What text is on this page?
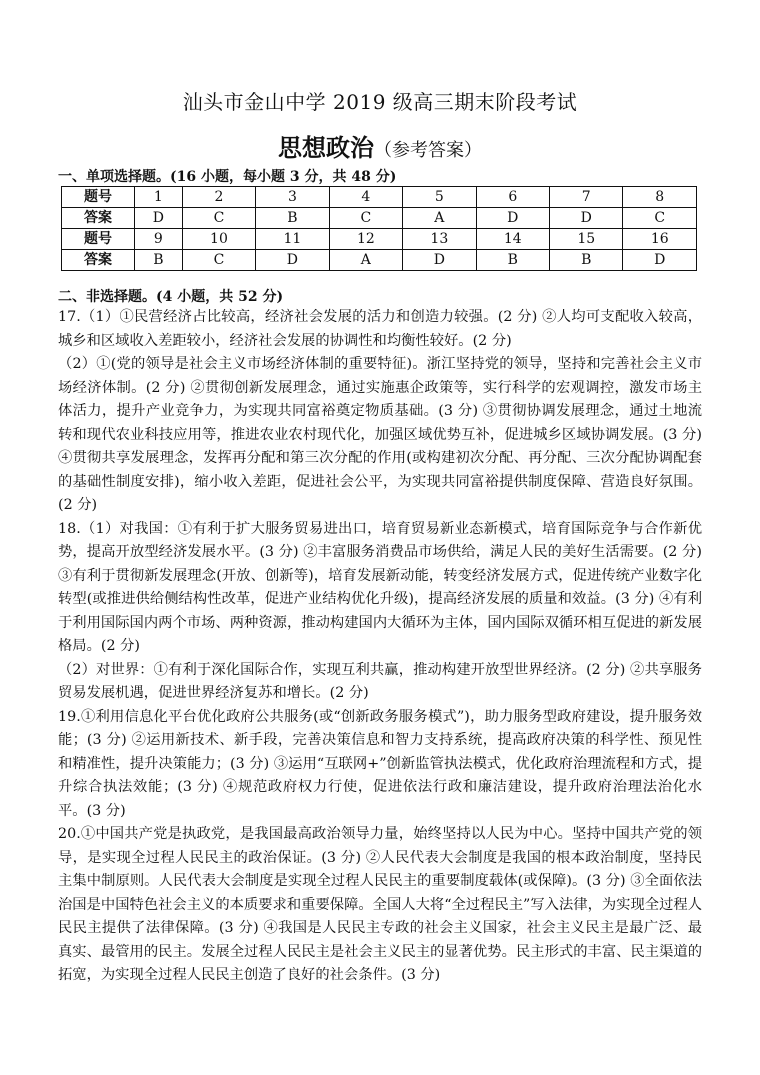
汕头市金山中学 2019 级高三期末阶段考试
思想政治（参考答案）
一、单项选择题。(16 小题，每小题 3 分，共 48 分)
题号	1	2	3	4	5	6	7	8
答案	D	C	B	C	A	D	D	C
题号	9	10	11	12	13	14	15	16
答案	B	C	D	A	D	B	B	D
二、非选择题。(4 小题，共 52 分)

17.（1）①民营经济占比较高，经济社会发展的活力和创造力较强。(2 分) ②人均可支配收入较高，城乡和区域收入差距较小，经济社会发展的协调性和均衡性较好。(2 分)

（2）①(党的领导是社会主义市场经济体制的重要特征)。浙江坚持党的领导，坚持和完善社会主义市场经济体制。(2 分) ②贯彻创新发展理念，通过实施惠企政策等，实行科学的宏观调控，激发市场主体活力，提升产业竞争力，为实现共同富裕奠定物质基础。(3 分) ③贯彻协调发展理念，通过土地流转和现代农业科技应用等，推进农业农村现代化，加强区域优势互补，促进城乡区域协调发展。(3 分) ④贯彻共享发展理念，发挥再分配和第三次分配的作用(或构建初次分配、再分配、三次分配协调配套的基础性制度安排)，缩小收入差距，促进社会公平，为实现共同富裕提供制度保障、营造良好氛围。(2 分)

18.（1）对我国：①有利于扩大服务贸易进出口，培育贸易新业态新模式，培育国际竞争与合作新优势，提高开放型经济发展水平。(3 分) ②丰富服务消费品市场供给，满足人民的美好生活需要。(2 分) ③有利于贯彻新发展理念(开放、创新等)，培育发展新动能，转变经济发展方式，促进传统产业数字化转型(或推进供给侧结构性改革，促进产业结构优化升级)，提高经济发展的质量和效益。(3 分) ④有利于利用国际国内两个市场、两种资源，推动构建国内大循环为主体，国内国际双循环相互促进的新发展格局。(2 分)

（2）对世界：①有利于深化国际合作，实现互利共赢，推动构建开放型世界经济。(2 分) ②共享服务贸易发展机遇，促进世界经济复苏和增长。(2 分)

19.①利用信息化平台优化政府公共服务(或“创新政务服务模式”)，助力服务型政府建设，提升服务效能；(3 分) ②运用新技术、新手段，完善决策信息和智力支持系统，提高政府决策的科学性、预见性和精准性，提升决策能力；(3 分) ③运用“互联网+”创新监管执法模式，优化政府治理流程和方式，提升综合执法效能；(3 分) ④规范政府权力行使，促进依法行政和廉洁建设，提升政府治理法治化水平。(3 分)

20.①中国共产党是执政党，是我国最高政治领导力量，始终坚持以人民为中心。坚持中国共产党的领导，是实现全过程人民民主的政治保证。(3 分) ②人民代表大会制度是我国的根本政治制度，坚持民主集中制原则。人民代表大会制度是实现全过程人民民主的重要制度载体(或保障)。(3 分) ③全面依法治国是中国特色社会主义的本质要求和重要保障。全国人大将“全过程民主”写入法律，为实现全过程人民民主提供了法律保障。(3 分) ④我国是人民民主专政的社会主义国家，社会主义民主是最广泛、最真实、最管用的民主。发展全过程人民民主是社会主义民主的显著优势。民主形式的丰富、民主渠道的拓宽，为实现全过程人民民主创造了良好的社会条件。(3 分)
